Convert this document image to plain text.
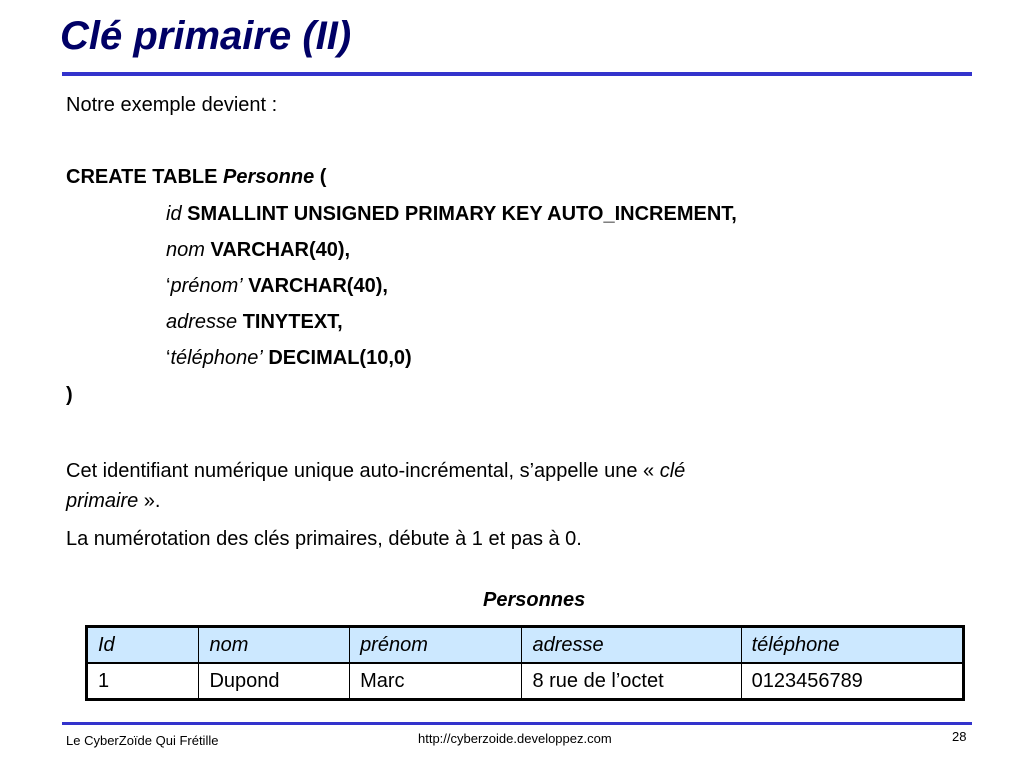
Clé primaire (II)
Notre exemple devient :
CREATE TABLE Personne (
id SMALLINT UNSIGNED PRIMARY KEY AUTO_INCREMENT,
nom VARCHAR(40),
‘prénom’ VARCHAR(40),
adresse TINYTEXT,
‘téléphone’ DECIMAL(10,0)
)
Cet identifiant numérique unique auto-incrémental, s’appelle une « clé
primaire ».
La numérotation des clés primaires, débute à 1 et pas à 0.
Personnes
Id	nom	prénom	adresse	téléphone
1	Dupond	Marc	8 rue de l’octet	0123456789
Le CyberZoïde Qui Frétille	http://cyberzoide.developpez.com	28
